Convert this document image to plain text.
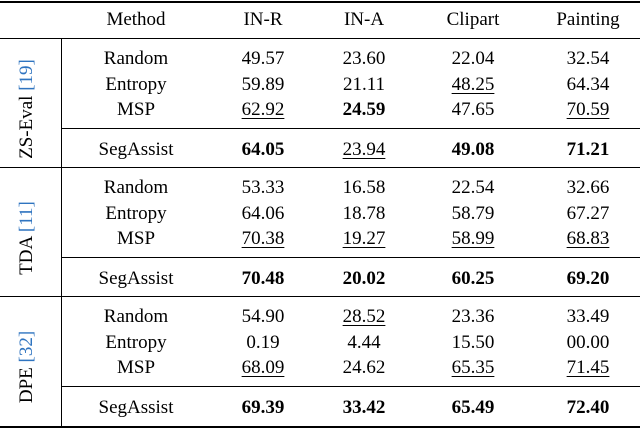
Method	IN-R	IN-A	Clipart	Painting
ZS-Eval [19]
Random	49.57	23.60	22.04	32.54
Entropy	59.89	21.11	48.25	64.34
MSP	62.92	24.59	47.65	70.59
SegAssist	64.05	23.94	49.08	71.21
TDA [11]
Random	53.33	16.58	22.54	32.66
Entropy	64.06	18.78	58.79	67.27
MSP	70.38	19.27	58.99	68.83
SegAssist	70.48	20.02	60.25	69.20
DPE [32]
Random	54.90	28.52	23.36	33.49
Entropy	0.19	4.44	15.50	00.00
MSP	68.09	24.62	65.35	71.45
SegAssist	69.39	33.42	65.49	72.40
